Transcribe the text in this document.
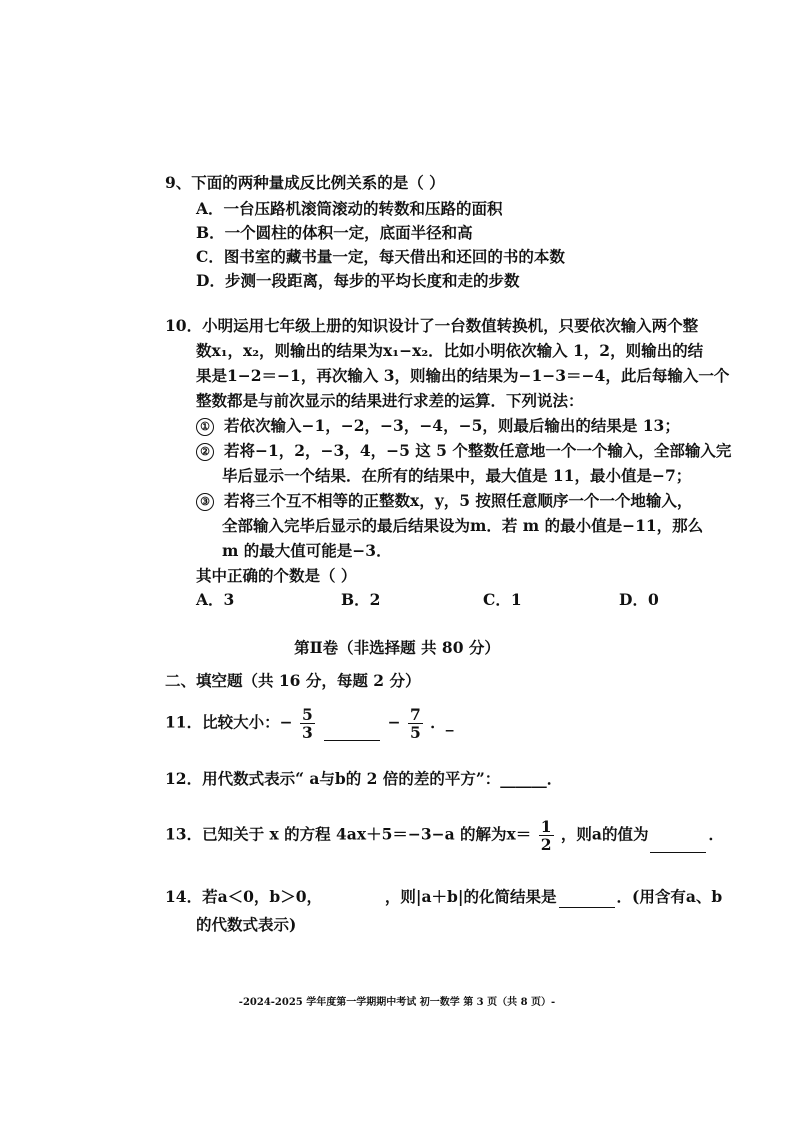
9、下面的两种量成反比例关系的是（ ）
A．一台压路机滚筒滚动的转数和压路的面积
B．一个圆柱的体积一定，底面半径和高
C．图书室的藏书量一定，每天借出和还回的书的本数
D．步测一段距离，每步的平均长度和走的步数
10．小明运用七年级上册的知识设计了一台数值转换机，只要依次输入两个整
数x₁，x₂，则输出的结果为x₁−x₂．比如小明依次输入 1，2，则输出的结
果是1−2＝−1，再次输入 3，则输出的结果为−1−3＝−4，此后每输入一个
整数都是与前次显示的结果进行求差的运算．下列说法：
① 若依次输入−1，−2，−3，−4，−5，则最后输出的结果是 13；
② 若将−1，2，−3，4，−5 这 5 个整数任意地一个一个输入，全部输入完
毕后显示一个结果．在所有的结果中，最大值是 11，最小值是−7；
③ 若将三个互不相等的正整数x，y，5 按照任意顺序一个一个地输入，
全部输入完毕后显示的最后结果设为m．若 m 的最小值是−11，那么
m 的最大值可能是−3．
其中正确的个数是（ ）
A．3	B．2	C．1	D．0
第Ⅱ卷（非选择题 共 80 分）
二、填空题（共 16 分，每题 2 分）
11．比较大小：− $\frac{5}{3}$	− $\frac{7}{5}$ ．_
12．用代数式表示“ a与b的 2 倍的差的平方”：______．
13．已知关于 x 的方程 4ax＋5＝−3−a 的解为$x= \frac{1}{2}$ ，则a的值为	．
14．若a＜0，b＞0，	，则|a＋b|的化简结果是	．(用含有a、b
的代数式表示)
-2024-2025 学年度第一学期期中考试 初一数学 第 3 页（共 8 页）-
